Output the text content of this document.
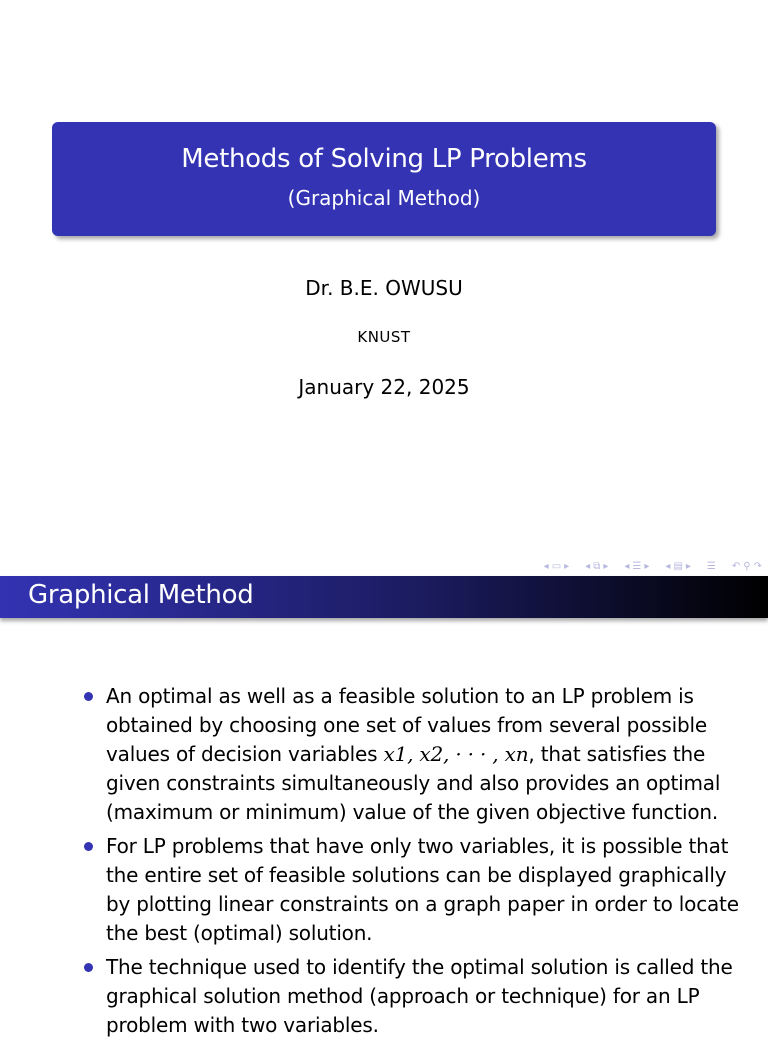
Methods of Solving LP Problems
(Graphical Method)
Dr. B.E. OWUSU
KNUST
January 22, 2025
◂ ▭ ▸ ◂ ⧉ ▸ ◂ ☰ ▸ ◂ ▤ ▸ ☰ ↶ ⚲ ↷
Graphical Method
An optimal as well as a feasible solution to an LP problem is obtained by choosing one set of values from several possible values of decision variables x1, x2, · · · , xn, that satisfies the given constraints simultaneously and also provides an optimal (maximum or minimum) value of the given objective function.
For LP problems that have only two variables, it is possible that the entire set of feasible solutions can be displayed graphically by plotting linear constraints on a graph paper in order to locate the best (optimal) solution.
The technique used to identify the optimal solution is called the graphical solution method (approach or technique) for an LP problem with two variables.
